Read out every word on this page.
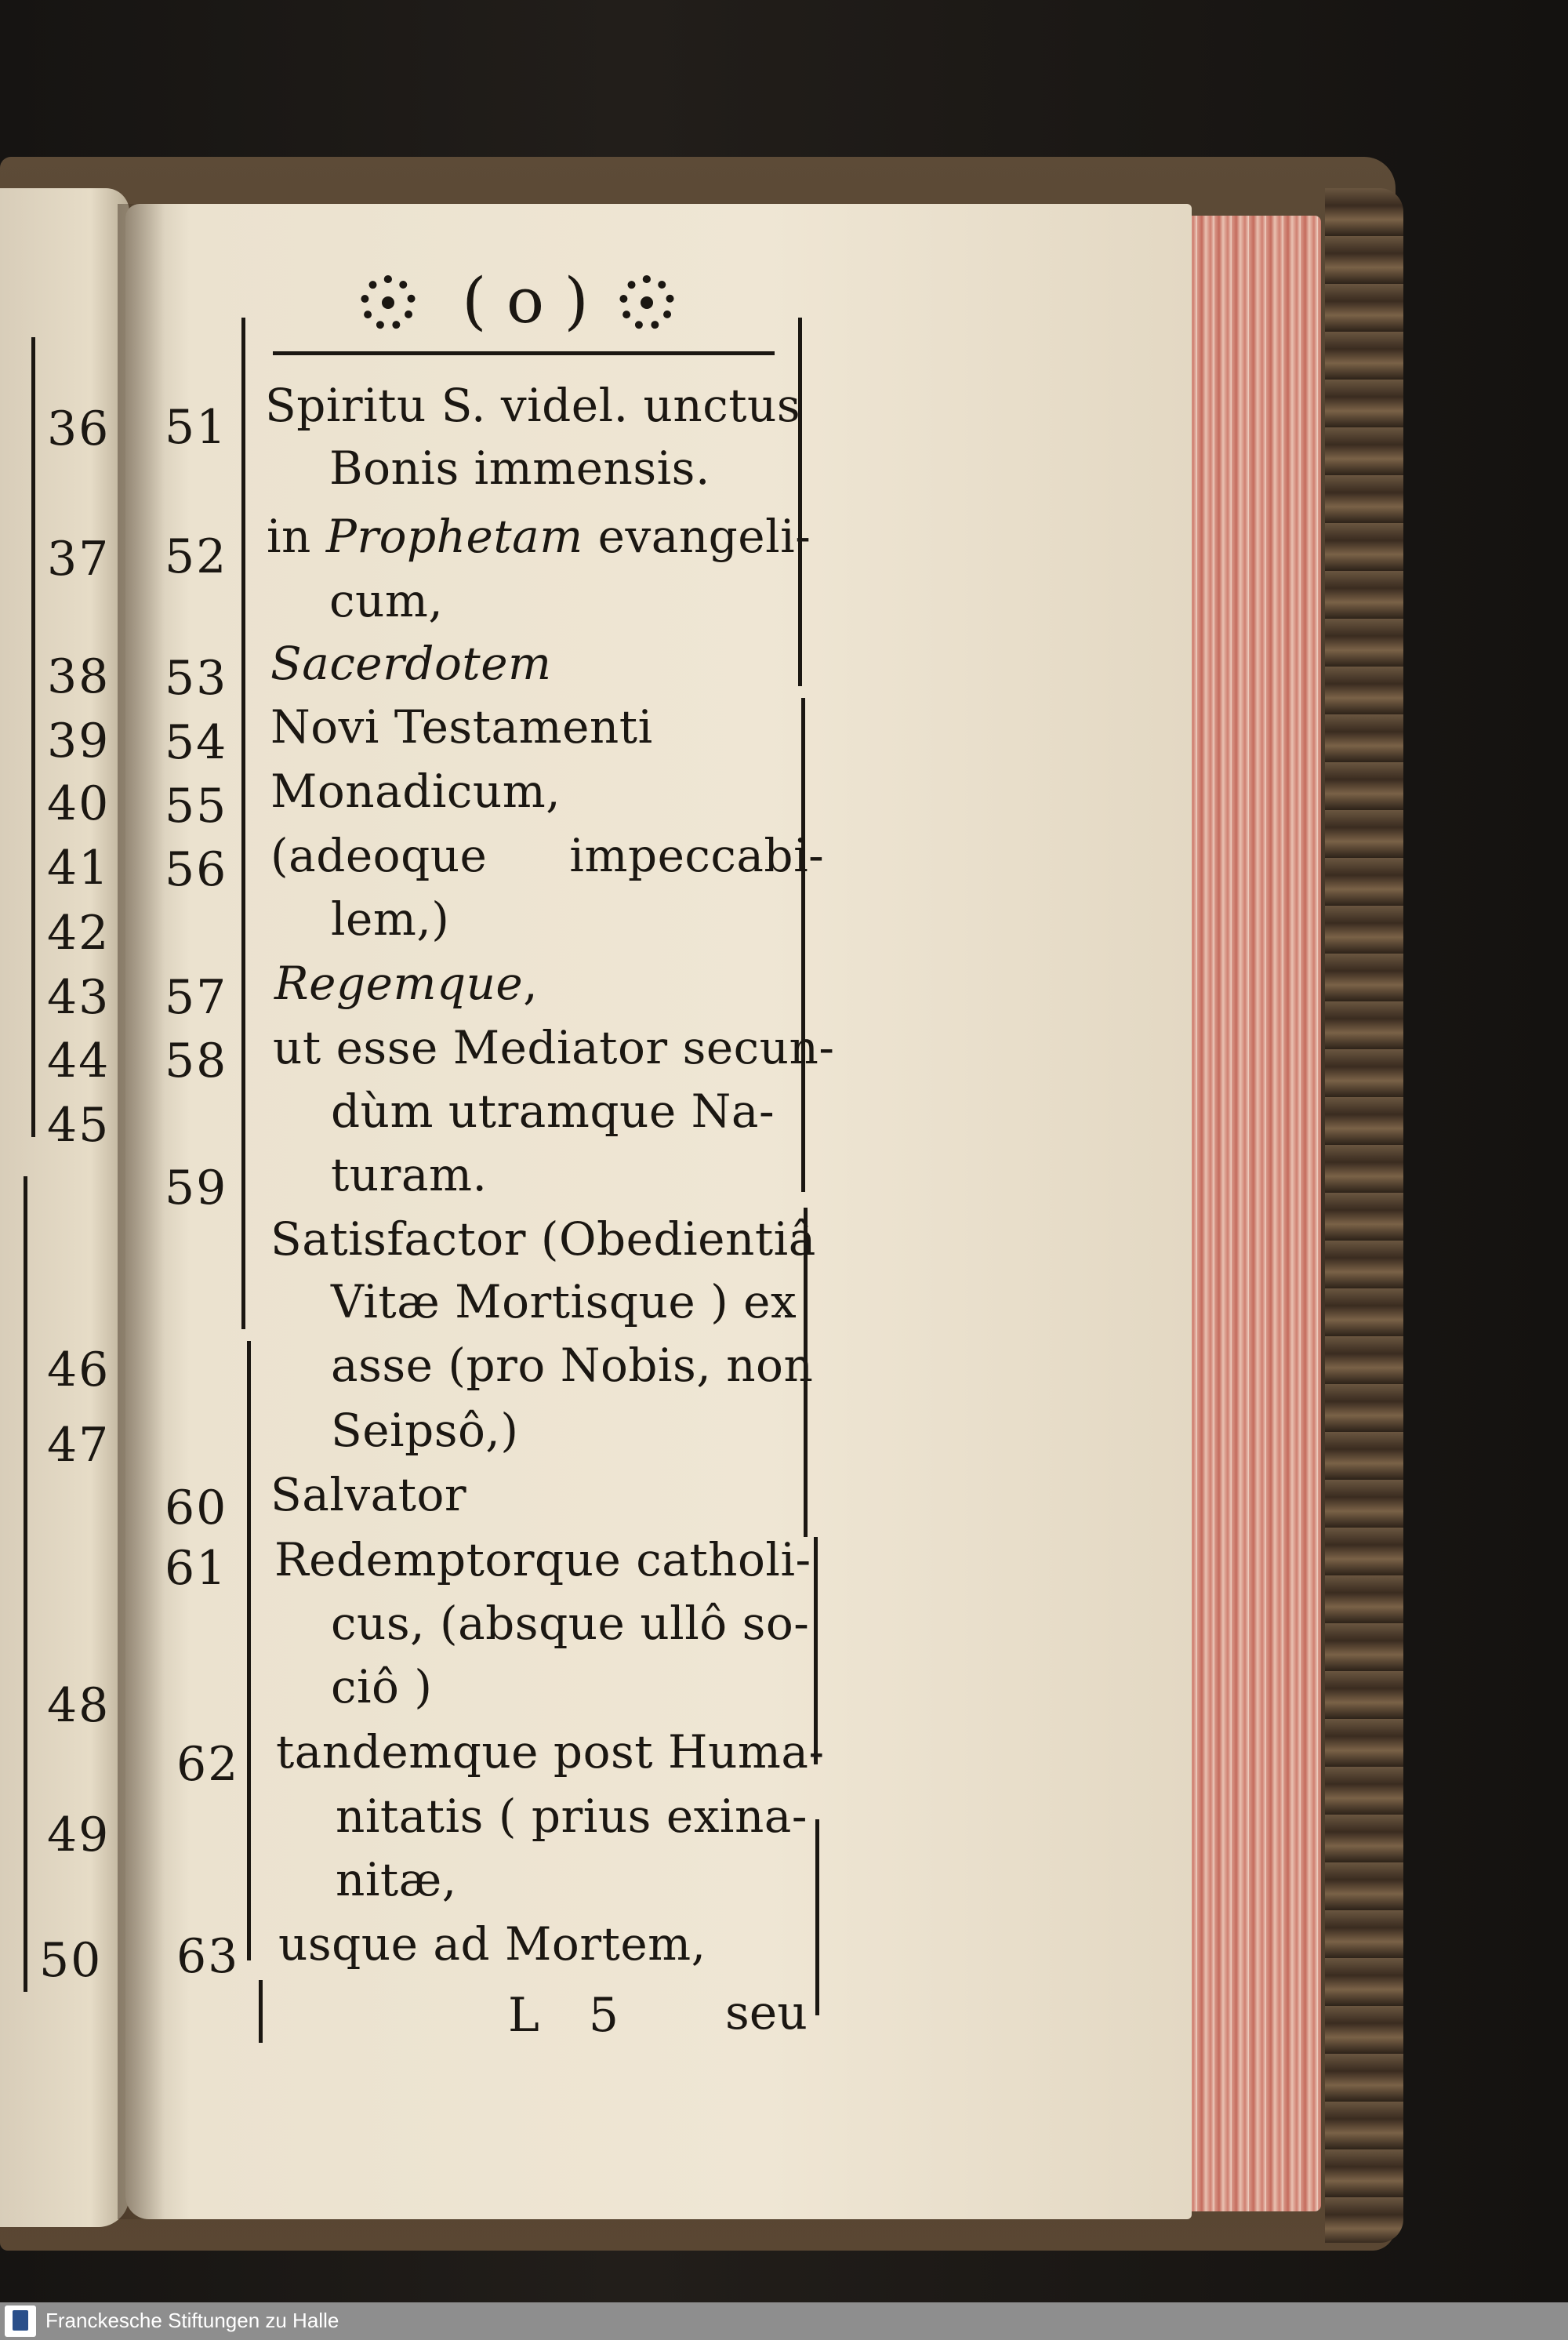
36
37
38
39
40
41
42
43
44
45
46
47
48
49
50
( o )
51
52
53
54
55
56
57
58
59
60
61
62
63
Spiritu S. videl. unctus
Bonis immensis.
in Prophetam evangeli-
cum,
Sacerdotem
Novi Testamenti
Monadicum,
(adeoque impeccabi-
lem,)
Regemque,
ut esse Mediator secun-
dùm utramque Na-
turam.
Satisfactor (Obedientiâ
Vitæ Mortisque ) ex
asse (pro Nobis, non
Seipsô,)
Salvator
Redemptorque catholi-
cus, (absque ullô so-
ciô )
tandemque post Huma-
nitatis ( prius exina-
nitæ,
usque ad Mortem,
L 5 seu
Franckesche Stiftungen zu Halle
